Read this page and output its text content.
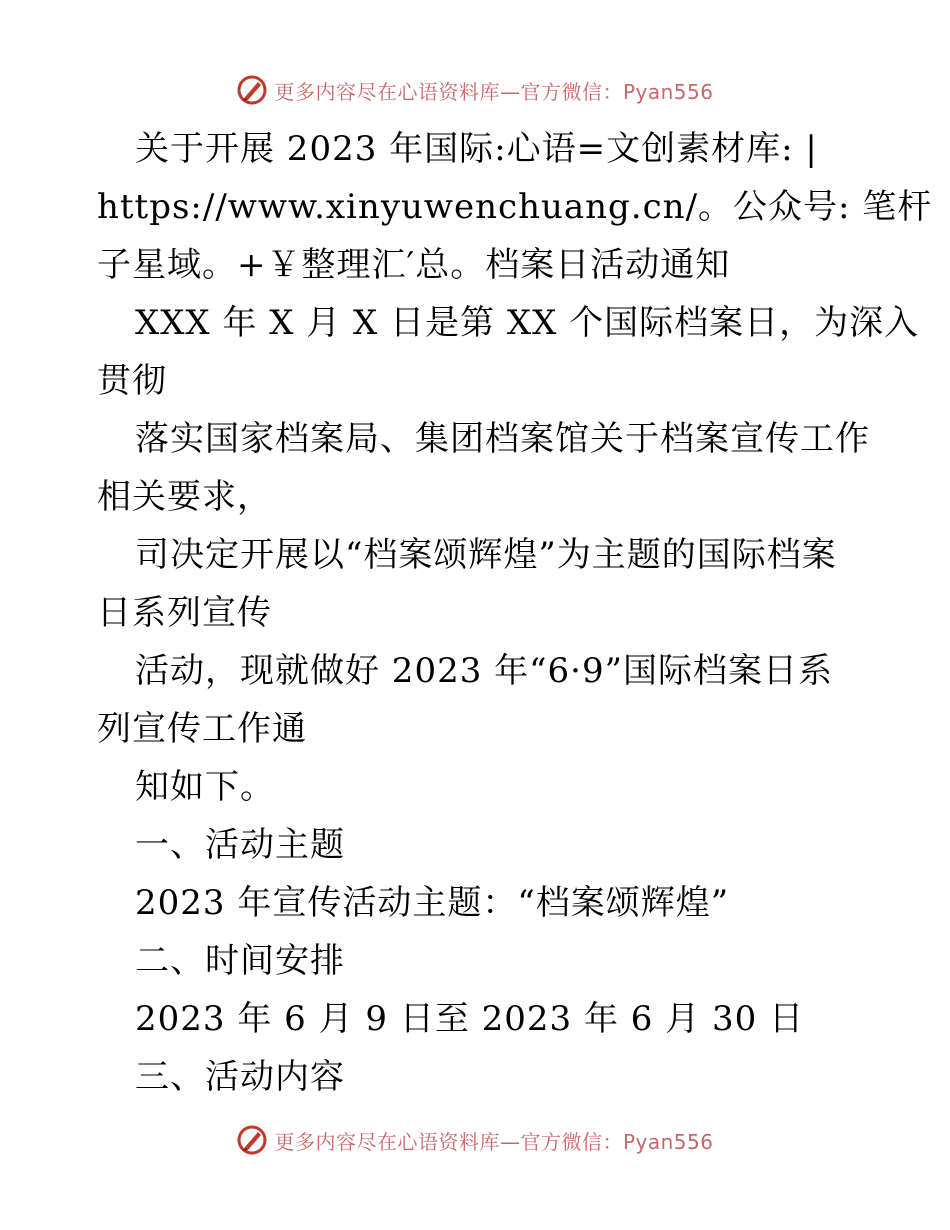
更多内容尽在心语资料库—官方微信：Pyan556
关于开展 2023 年国际:心语=文创素材库: |
https://www.xinyuwenchuang.cn/。公众号: 笔杆
子星域。+￥整理汇′总。档案日活动通知
XXX 年 X 月 X 日是第 XX 个国际档案日，为深入
贯彻
落实国家档案局、集团档案馆关于档案宣传工作
相关要求，
司决定开展以“档案颂辉煌”为主题的国际档案
日系列宣传
活动，现就做好 2023 年“6·9”国际档案日系
列宣传工作通
知如下。
一、活动主题
2023 年宣传活动主题：“档案颂辉煌”
二、时间安排
2023 年 6 月 9 日至 2023 年 6 月 30 日
三、活动内容
更多内容尽在心语资料库—官方微信：Pyan556
